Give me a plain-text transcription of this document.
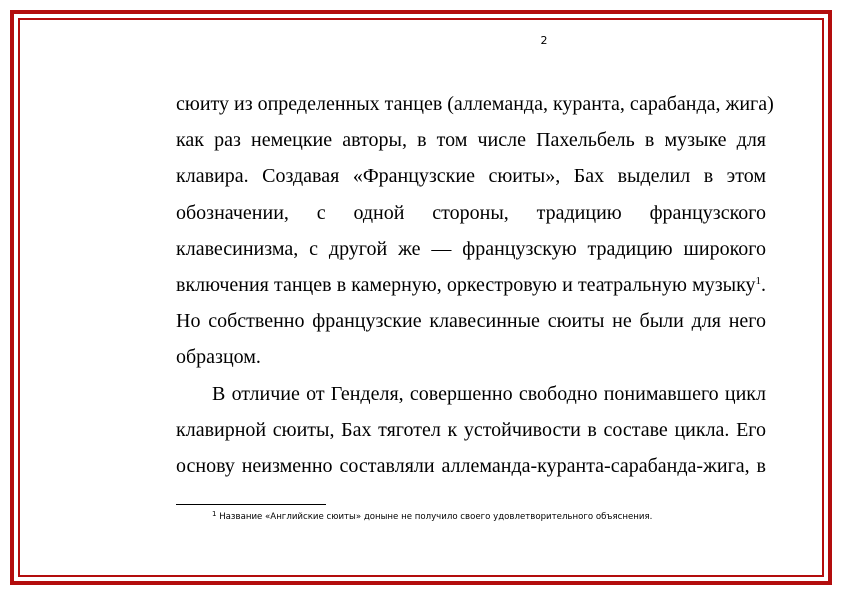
2
сюиту из определенных танцев (аллеманда, куранта, сарабанда, жига)
как раз немецкие авторы, в том числе Пахельбель в музыке для
клавира. Создавая «Французские сюиты», Бах выделил в этом
обозначении, с одной стороны, традицию французского
клавесинизма, с другой же — французскую традицию широкого
включения танцев в камерную, оркестровую и театральную музыку$^1$.
Но собственно французские клавесинные сюиты не были для него
образцом.
В отличие от Генделя, совершенно свободно понимавшего цикл
клавирной сюиты, Бах тяготел к устойчивости в составе цикла. Его
основу неизменно составляли аллеманда-куранта-сарабанда-жига, в
$^1$ Название «Английские сюиты» доныне не получило своего удовлетворительного объяснения.
